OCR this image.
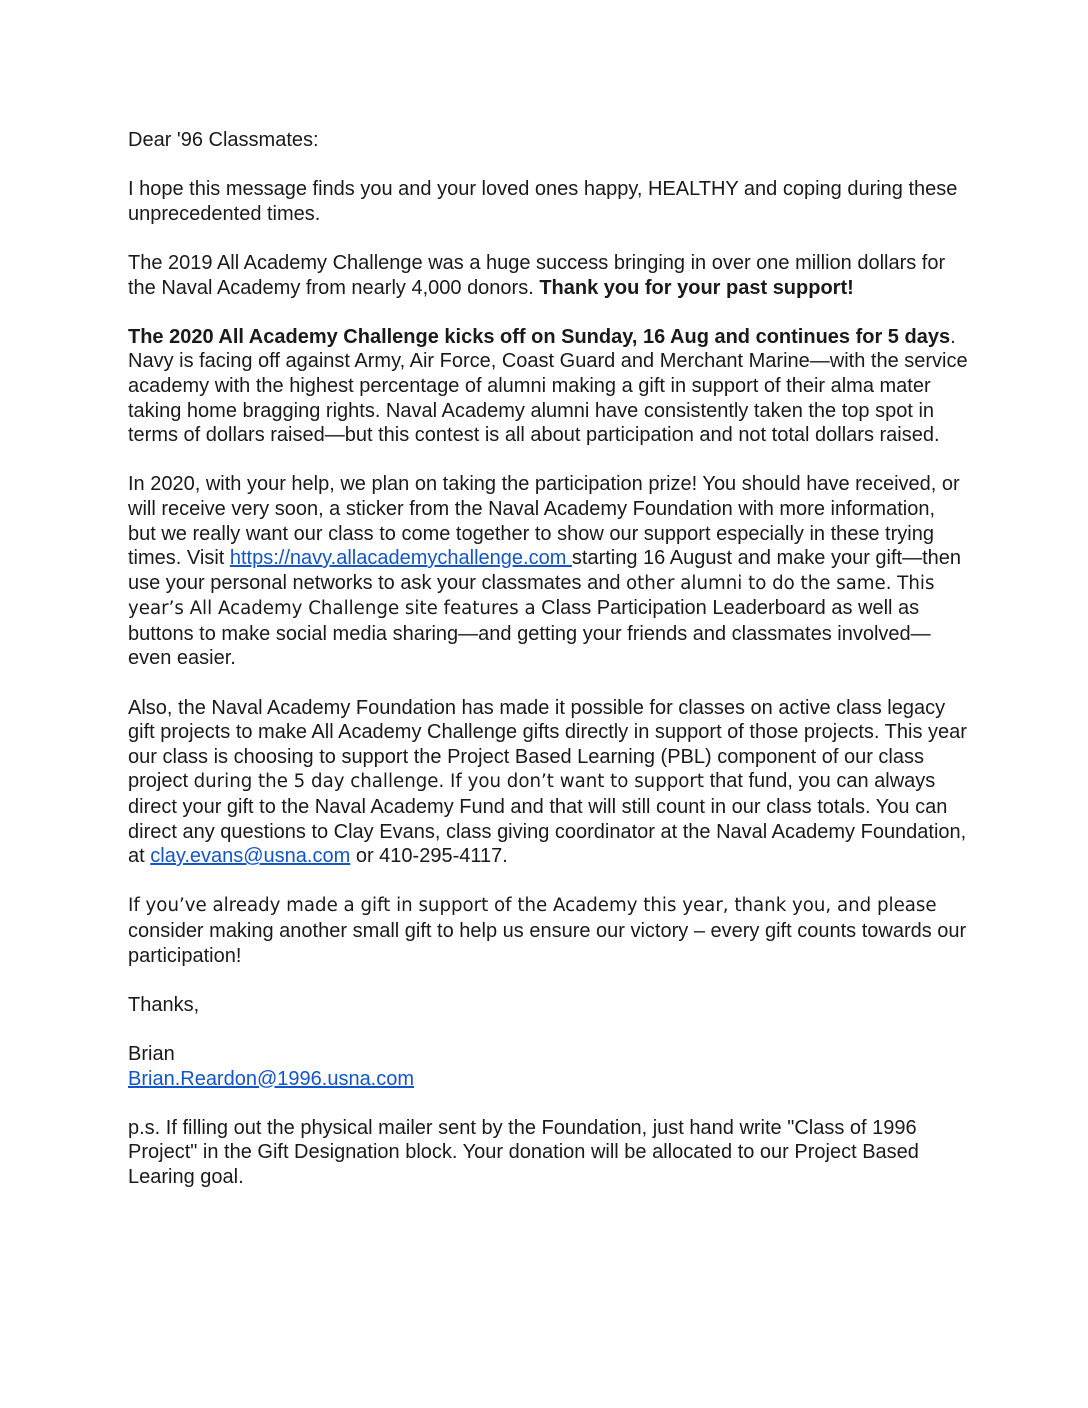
Dear '96 Classmates:

I hope this message finds you and your loved ones happy, HEALTHY and coping during these unprecedented times.

The 2019 All Academy Challenge was a huge success bringing in over one million dollars for the Naval Academy from nearly 4,000 donors. Thank you for your past support!

The 2020 All Academy Challenge kicks off on Sunday, 16 Aug and continues for 5 days. Navy is facing off against Army, Air Force, Coast Guard and Merchant Marine—with the service academy with the highest percentage of alumni making a gift in support of their alma mater taking home bragging rights. Naval Academy alumni have consistently taken the top spot in terms of dollars raised—but this contest is all about participation and not total dollars raised.

In 2020, with your help, we plan on taking the participation prize! You should have received, or will receive very soon, a sticker from the Naval Academy Foundation with more information, but we really want our class to come together to show our support especially in these trying times. Visit https://navy.allacademychallenge.com starting 16 August and make your gift—then use your personal networks to ask your classmates and other alumni to do the same. This year’s All Academy Challenge site features a Class Participation Leaderboard as well as buttons to make social media sharing—and getting your friends and classmates involved—even easier.

Also, the Naval Academy Foundation has made it possible for classes on active class legacy gift projects to make All Academy Challenge gifts directly in support of those projects. This year our class is choosing to support the Project Based Learning (PBL) component of our class project during the 5 day challenge. If you don’t want to support that fund, you can always direct your gift to the Naval Academy Fund and that will still count in our class totals. You can direct any questions to Clay Evans, class giving coordinator at the Naval Academy Foundation, at clay.evans@usna.com or 410-295-4117.

If you’ve already made a gift in support of the Academy this year, thank you, and please consider making another small gift to help us ensure our victory – every gift counts towards our participation!

Thanks,

Brian

Brian.Reardon@1996.usna.com

p.s. If filling out the physical mailer sent by the Foundation, just hand write "Class of 1996 Project" in the Gift Designation block. Your donation will be allocated to our Project Based Learing goal.
